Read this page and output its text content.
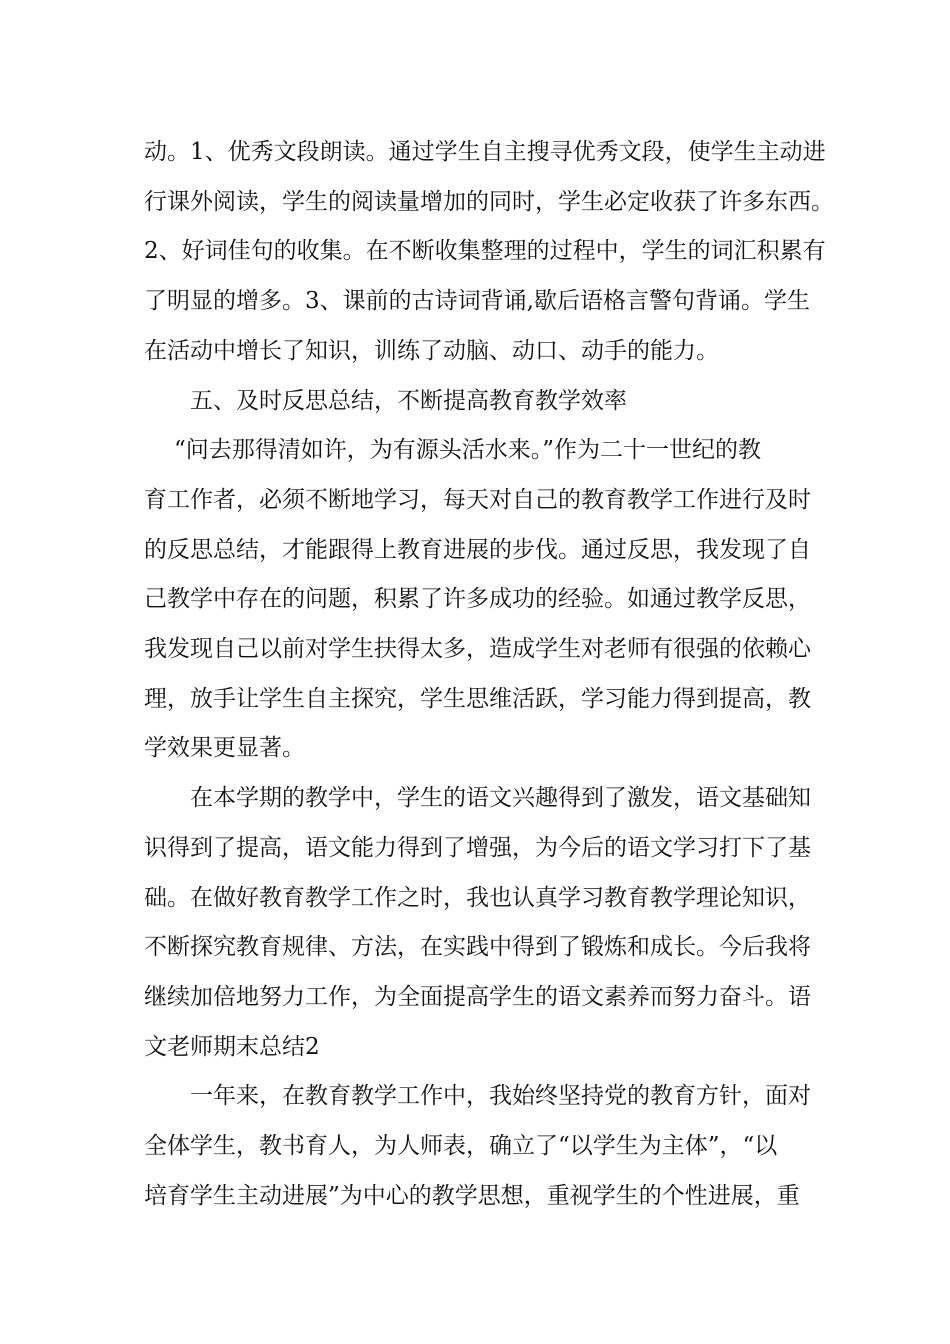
动。1、优秀文段朗读。通过学生自主搜寻优秀文段，使学生主动进
行课外阅读，学生的阅读量增加的同时，学生必定收获了许多东西。
2、好词佳句的收集。在不断收集整理的过程中，学生的词汇积累有
了明显的增多。3、课前的古诗词背诵,歇后语格言警句背诵。学生
在活动中增长了知识，训练了动脑、动口、动手的能力。

五、及时反思总结，不断提高教育教学效率

“问去那得清如许，为有源头活水来。”作为二十一世纪的教
育工作者，必须不断地学习，每天对自己的教育教学工作进行及时
的反思总结，才能跟得上教育进展的步伐。通过反思，我发现了自
己教学中存在的问题，积累了许多成功的经验。如通过教学反思，
我发现自己以前对学生扶得太多，造成学生对老师有很强的依赖心
理，放手让学生自主探究，学生思维活跃，学习能力得到提高，教
学效果更显著。

在本学期的教学中，学生的语文兴趣得到了激发，语文基础知
识得到了提高，语文能力得到了增强，为今后的语文学习打下了基
础。在做好教育教学工作之时，我也认真学习教育教学理论知识，
不断探究教育规律、方法，在实践中得到了锻炼和成长。今后我将
继续加倍地努力工作，为全面提高学生的语文素养而努力奋斗。语
文老师期末总结2

一年来，在教育教学工作中，我始终坚持党的教育方针，面对
全体学生，教书育人，为人师表，确立了“以学生为主体”，“以
培育学生主动进展”为中心的教学思想，重视学生的个性进展，重
